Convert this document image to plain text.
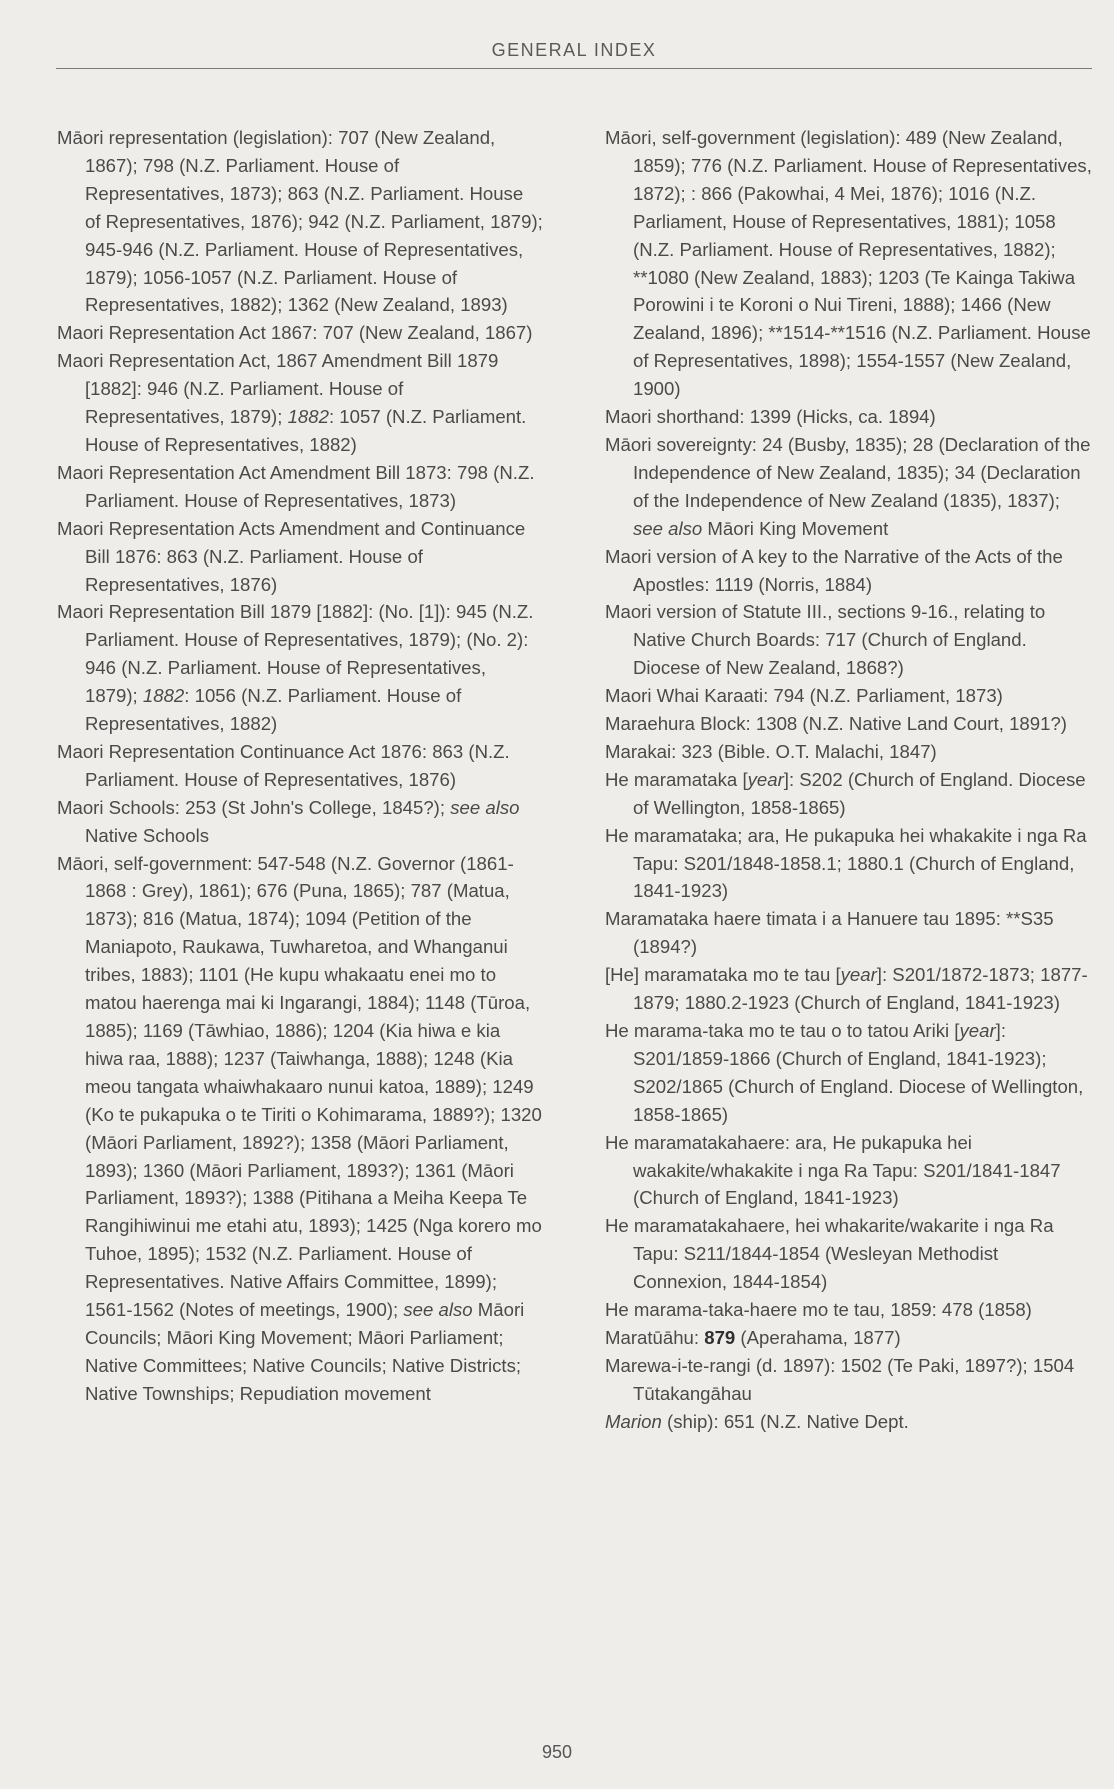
GENERAL INDEX

Māori representation (legislation): 707 (New Zealand, 1867); 798 (N.Z. Parliament. House of Representatives, 1873); 863 (N.Z. Parliament. House of Representatives, 1876); 942 (N.Z. Parliament, 1879); 945-946 (N.Z. Parliament. House of Representatives, 1879); 1056-1057 (N.Z. Parliament. House of Representatives, 1882); 1362 (New Zealand, 1893)

Maori Representation Act 1867: 707 (New Zealand, 1867)

Maori Representation Act, 1867 Amendment Bill 1879 [1882]: 946 (N.Z. Parliament. House of Representatives, 1879); 1882: 1057 (N.Z. Parliament. House of Representatives, 1882)

Maori Representation Act Amendment Bill 1873: 798 (N.Z. Parliament. House of Representatives, 1873)

Maori Representation Acts Amendment and Continuance Bill 1876: 863 (N.Z. Parliament. House of Representatives, 1876)

Maori Representation Bill 1879 [1882]: (No. [1]): 945 (N.Z. Parliament. House of Representatives, 1879); (No. 2): 946 (N.Z. Parliament. House of Representatives, 1879); 1882: 1056 (N.Z. Parliament. House of Representatives, 1882)

Maori Representation Continuance Act 1876: 863 (N.Z. Parliament. House of Representatives, 1876)

Maori Schools: 253 (St John's College, 1845?); see also Native Schools

Māori, self-government: 547-548 (N.Z. Governor (1861-1868 : Grey), 1861); 676 (Puna, 1865); 787 (Matua, 1873); 816 (Matua, 1874); 1094 (Petition of the Maniapoto, Raukawa, Tuwharetoa, and Whanganui tribes, 1883); 1101 (He kupu whakaatu enei mo to matou haerenga mai ki Ingarangi, 1884); 1148 (Tūroa, 1885); 1169 (Tāwhiao, 1886); 1204 (Kia hiwa e kia hiwa raa, 1888); 1237 (Taiwhanga, 1888); 1248 (Kia meou tangata whaiwhakaaro nunui katoa, 1889); 1249 (Ko te pukapuka o te Tiriti o Kohimarama, 1889?); 1320 (Māori Parliament, 1892?); 1358 (Māori Parliament, 1893); 1360 (Māori Parliament, 1893?); 1361 (Māori Parliament, 1893?); 1388 (Pitihana a Meiha Keepa Te Rangihiwinui me etahi atu, 1893); 1425 (Nga korero mo Tuhoe, 1895); 1532 (N.Z. Parliament. House of Representatives. Native Affairs Committee, 1899); 1561-1562 (Notes of meetings, 1900); see also Māori Councils; Māori King Movement; Māori Parliament; Native Committees; Native Councils; Native Districts; Native Townships; Repudiation movement

Māori, self-government (legislation): 489 (New Zealand, 1859); 776 (N.Z. Parliament. House of Representatives, 1872); : 866 (Pakowhai, 4 Mei, 1876); 1016 (N.Z. Parliament, House of Representatives, 1881); 1058 (N.Z. Parliament. House of Representatives, 1882); **1080 (New Zealand, 1883); 1203 (Te Kainga Takiwa Porowini i te Koroni o Nui Tireni, 1888); 1466 (New Zealand, 1896); **1514-**1516 (N.Z. Parliament. House of Representatives, 1898); 1554-1557 (New Zealand, 1900)

Maori shorthand: 1399 (Hicks, ca. 1894)

Māori sovereignty: 24 (Busby, 1835); 28 (Declaration of the Independence of New Zealand, 1835); 34 (Declaration of the Independence of New Zealand (1835), 1837); see also Māori King Movement

Maori version of A key to the Narrative of the Acts of the Apostles: 1119 (Norris, 1884)

Maori version of Statute III., sections 9-16., relating to Native Church Boards: 717 (Church of England. Diocese of New Zealand, 1868?)

Maori Whai Karaati: 794 (N.Z. Parliament, 1873)

Maraehura Block: 1308 (N.Z. Native Land Court, 1891?)

Marakai: 323 (Bible. O.T. Malachi, 1847)

He maramataka [year]: S202 (Church of England. Diocese of Wellington, 1858-1865)

He maramataka; ara, He pukapuka hei whakakite i nga Ra Tapu: S201/1848-1858.1; 1880.1 (Church of England, 1841-1923)

Maramataka haere timata i a Hanuere tau 1895: **S35 (1894?)

[He] maramataka mo te tau [year]: S201/1872-1873; 1877-1879; 1880.2-1923 (Church of England, 1841-1923)

He marama-taka mo te tau o to tatou Ariki [year]: S201/1859-1866 (Church of England, 1841-1923); S202/1865 (Church of England. Diocese of Wellington, 1858-1865)

He maramatakahaere: ara, He pukapuka hei wakakite/whakakite i nga Ra Tapu: S201/1841-1847 (Church of England, 1841-1923)

He maramatakahaere, hei whakarite/wakarite i nga Ra Tapu: S211/1844-1854 (Wesleyan Methodist Connexion, 1844-1854)

He marama-taka-haere mo te tau, 1859: 478 (1858)

Maratūāhu: 879 (Aperahama, 1877)

Marewa-i-te-rangi (d. 1897): 1502 (Te Paki, 1897?); 1504 Tūtakangāhau

Marion (ship): 651 (N.Z. Native Dept.

950
